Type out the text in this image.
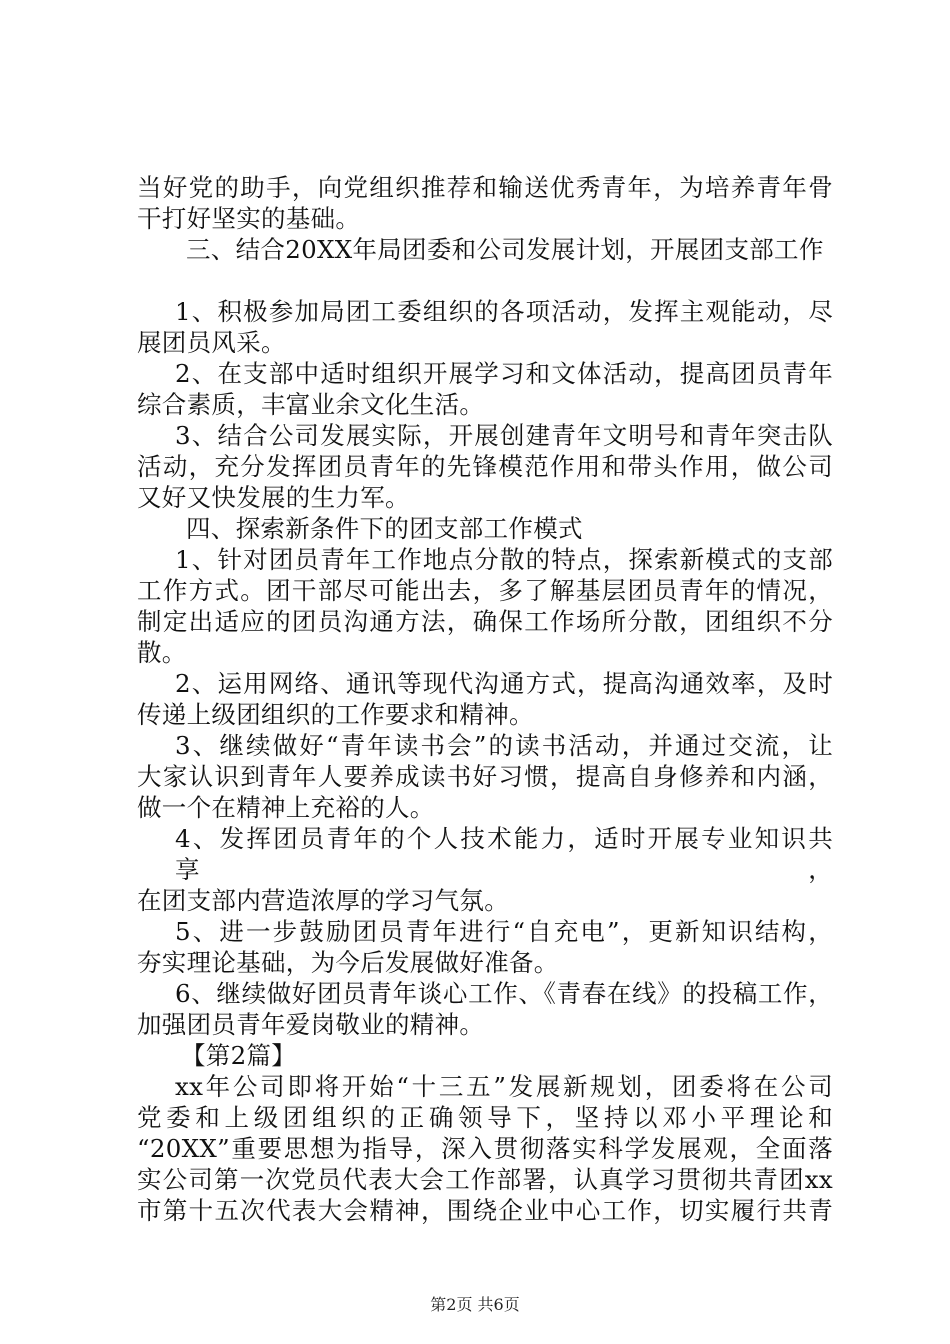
当好党的助手，向党组织推荐和输送优秀青年，为培养青年骨
干打好坚实的基础。
三、结合20XX年局团委和公司发展计划，开展团支部工作
1、积极参加局团工委组织的各项活动，发挥主观能动，尽
展团员风采。
2、在支部中适时组织开展学习和文体活动，提高团员青年
综合素质，丰富业余文化生活。
3、结合公司发展实际，开展创建青年文明号和青年突击队
活动，充分发挥团员青年的先锋模范作用和带头作用，做公司
又好又快发展的生力军。
四、探索新条件下的团支部工作模式
1、针对团员青年工作地点分散的特点，探索新模式的支部
工作方式。团干部尽可能出去，多了解基层团员青年的情况，
制定出适应的团员沟通方法，确保工作场所分散，团组织不分
散。
2、运用网络、通讯等现代沟通方式，提高沟通效率，及时
传递上级团组织的工作要求和精神。
3、继续做好“青年读书会”的读书活动，并通过交流，让
大家认识到青年人要养成读书好习惯，提高自身修养和内涵，
做一个在精神上充裕的人。
4、发挥团员青年的个人技术能力，适时开展专业知识共享，
在团支部内营造浓厚的学习气氛。
5、进一步鼓励团员青年进行“自充电”，更新知识结构，
夯实理论基础，为今后发展做好准备。
6、继续做好团员青年谈心工作、《青春在线》的投稿工作，
加强团员青年爱岗敬业的精神。
【第2篇】
xx年公司即将开始“十三五”发展新规划，团委将在公司
党委和上级团组织的正确领导下，坚持以邓小平理论和
“20XX”重要思想为指导，深入贯彻落实科学发展观，全面落
实公司第一次党员代表大会工作部署，认真学习贯彻共青团xx
市第十五次代表大会精神，围绕企业中心工作，切实履行共青
第2页 共6页
